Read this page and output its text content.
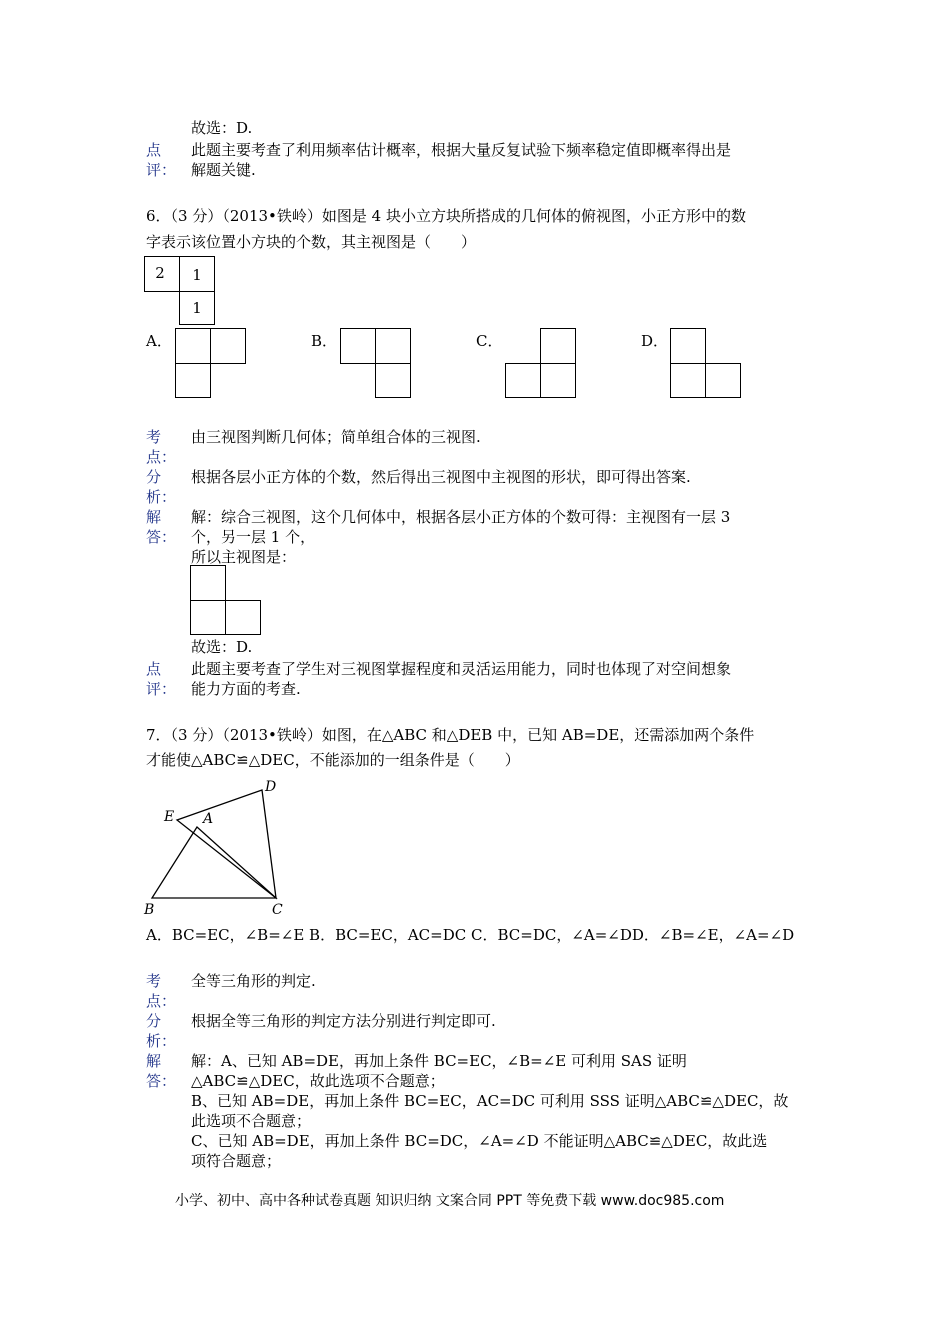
故选：D.
点 此题主要考查了利用频率估计概率，根据大量反复试验下频率稳定值即概率得出是
评： 解题关键.
6．（3 分）（2013•铁岭）如图是 4 块小立方块所搭成的几何体的俯视图，小正方形中的数
字表示该位置小方块的个数，其主视图是（　　）
2	1
1
A．	B．	C．	D．
考 由三视图判断几何体；简单组合体的三视图.
点：
分 根据各层小正方体的个数，然后得出三视图中主视图的形状，即可得出答案.
析：
解 解：综合三视图，这个几何体中，根据各层小正方体的个数可得：主视图有一层 3
答： 个，另一层 1 个，
所以主视图是：
故选：D.
点 此题主要考查了学生对三视图掌握程度和灵活运用能力，同时也体现了对空间想象
评： 能力方面的考查.
7．（3 分）（2013•铁岭）如图，在△ABC 和△DEB 中，已知 AB=DE，还需添加两个条件
才能使△ABC≌△DEC，不能添加的一组条件是（　　）
D
E A
B	C
A．BC=EC，∠B=∠E B．BC=EC，AC=DC C．BC=DC，∠A=∠DD．∠B=∠E，∠A=∠D
考 全等三角形的判定.
点：
分 根据全等三角形的判定方法分别进行判定即可.
析：
解 解：A、已知 AB=DE，再加上条件 BC=EC，∠B=∠E 可利用 SAS 证明
答： △ABC≌△DEC，故此选项不合题意；
B、已知 AB=DE，再加上条件 BC=EC，AC=DC 可利用 SSS 证明△ABC≌△DEC，故
此选项不合题意；
C、已知 AB=DE，再加上条件 BC=DC，∠A=∠D 不能证明△ABC≌△DEC，故此选
项符合题意；
小学、初中、高中各种试卷真题 知识归纳 文案合同 PPT 等免费下载 www.doc985.com
